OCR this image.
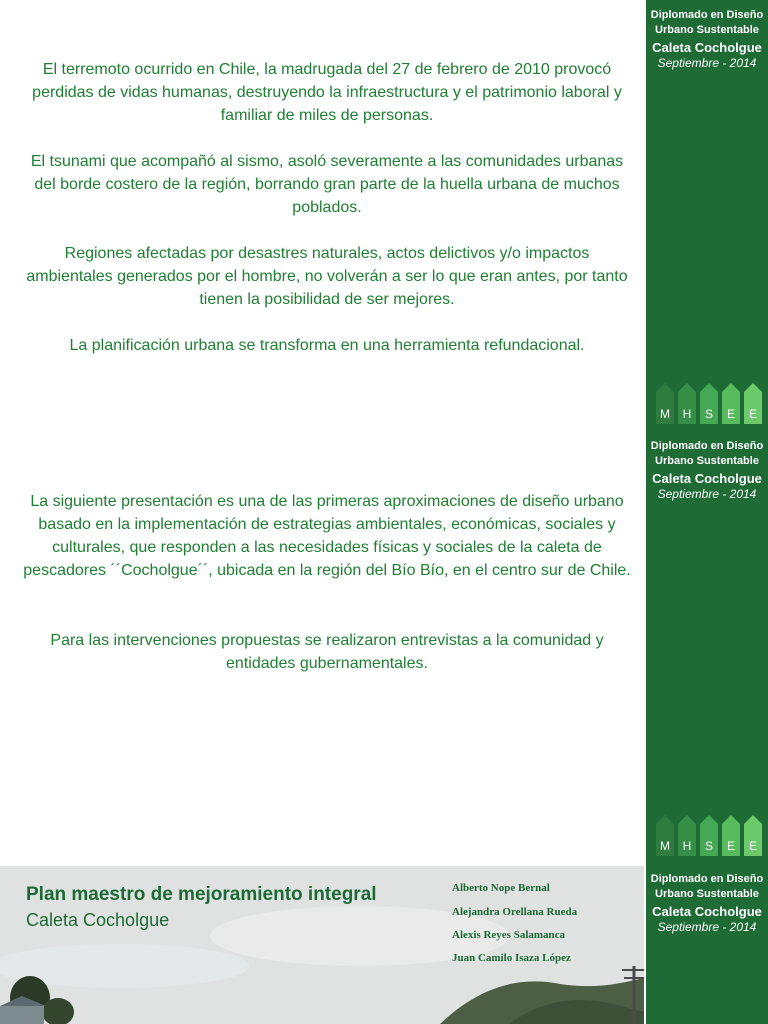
El terremoto ocurrido en Chile, la madrugada del 27 de febrero de 2010 provocó perdidas de vidas humanas, destruyendo la infraestructura y el patrimonio laboral y familiar de miles de personas.

El tsunami que acompañó al sismo, asoló severamente a las comunidades urbanas del borde costero de la región, borrando gran parte de la huella urbana de muchos poblados.

Regiones afectadas por desastres naturales, actos delictivos y/o impactos ambientales generados por el hombre, no volverán a ser lo que eran antes, por tanto tienen la posibilidad de ser mejores.

La planificación urbana se transforma en una herramienta refundacional.

La siguiente presentación es una de las primeras aproximaciones de diseño urbano basado en la implementación de estrategias ambientales, económicas, sociales y culturales, que responden a las necesidades físicas y sociales de la caleta de pescadores ´´Cocholgue´´, ubicada en la región del Bío Bío, en el centro sur de Chile.

Para las intervenciones propuestas se realizaron entrevistas a la comunidad y entidades gubernamentales.

Diplomado en Diseño
Urbano Sustentable
Caleta Cocholgue
Septiembre - 2014
M H S E E
Diplomado en Diseño
Urbano Sustentable
Caleta Cocholgue
Septiembre - 2014
M H S E E
Diplomado en Diseño
Urbano Sustentable
Caleta Cocholgue
Septiembre - 2014
Plan maestro de mejoramiento integral
Caleta Cocholgue
Alberto Nope Bernal
Alejandra Orellana Rueda
Alexis Reyes Salamanca
Juan Camilo Isaza López
